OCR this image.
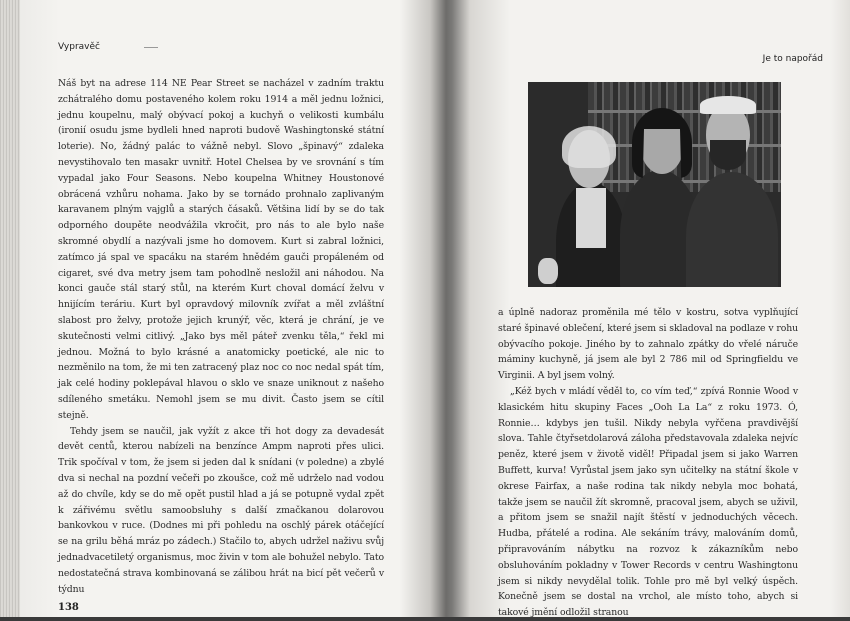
Vypravěč

Náš byt na adrese 114 NE Pear Street se nacházel v zadním traktu zchátralého domu postaveného kolem roku 1914 a měl jednu ložnici, jednu koupelnu, malý obývací pokoj a kuchyň o velikosti kumbálu (ironií osudu jsme bydleli hned naproti budově Washingtonské státní loterie). No, žádný palác to vážně nebyl. Slovo „špinavý“ zdaleka nevystihovalo ten masakr uvnitř. Hotel Chelsea by ve srovnání s tím vypadal jako Four Seasons. Nebo koupelna Whitney Houstonové obrácená vzhůru nohama. Jako by se tornádo prohnalo zaplivaným karavanem plným vajglů a starých čásaků. Většina lidí by se do tak odporného doupěte neodvážila vkročit, pro nás to ale bylo naše skromné obydlí a nazývali jsme ho domovem. Kurt si zabral ložnici, zatímco já spal ve spacáku na starém hnědém gauči propáleném od cigaret, své dva metry jsem tam pohodlně nesložil ani náhodou. Na konci gauče stál starý stůl, na kterém Kurt choval domácí želvu v hnijícím teráriu. Kurt byl opravdový milovník zvířat a měl zvláštní slabost pro želvy, protože jejich krunýř, věc, která je chrání, je ve skutečnosti velmi citlivý. „Jako bys měl páteř zvenku těla,“ řekl mi jednou. Možná to bylo krásné a anatomicky poetické, ale nic to nezměnilo na tom, že mi ten zatracený plaz noc co noc nedal spát tím, jak celé hodiny poklepával hlavou o sklo ve snaze uniknout z našeho sdíleného smetáku. Nemohl jsem se mu divit. Často jsem se cítil stejně.

Tehdy jsem se naučil, jak vyžít z akce tři hot dogy za devadesát devět centů, kterou nabízeli na benzínce Ampm naproti přes ulici. Trik spočíval v tom, že jsem si jeden dal k snídani (v poledne) a zbylé dva si nechal na pozdní večeři po zkoušce, což mě udrželo nad vodou až do chvíle, kdy se do mě opět pustil hlad a já se potupně vydal zpět k zářivému světlu samoobsluhy s další zmačkanou dolarovou bankovkou v ruce. (Dodnes mi při pohledu na oschlý párek otáčející se na grilu běhá mráz po zádech.) Stačilo to, abych udržel naživu svůj jednadvacetiletý organismus, moc živin v tom ale bohužel nebylo. Tato nedostatečná strava kombinovaná se zálibou hrát na bicí pět večerů v týdnu

138
Je to napořád

a úplně nadoraz proměnila mé tělo v kostru, sotva vyplňující staré špinavé oblečení, které jsem si skladoval na podlaze v rohu obývacího pokoje. Jiného by to zahnalo zpátky do vřelé náruče máminy kuchyně, já jsem ale byl 2 786 mil od Springfieldu ve Virginii. A byl jsem volný.

„Kéž bych v mládí věděl to, co vím teď,“ zpívá Ronnie Wood v klasickém hitu skupiny Faces „Ooh La La“ z roku 1973. Ó, Ronnie… kdybys jen tušil. Nikdy nebyla vyřčena pravdivější slova. Tahle čtyřsetdolarová záloha představovala zdaleka nejvíc peněz, které jsem v životě viděl! Připadal jsem si jako Warren Buffett, kurva! Vyrůstal jsem jako syn učitelky na státní škole v okrese Fairfax, a naše rodina tak nikdy nebyla moc bohatá, takže jsem se naučil žít skromně, pracoval jsem, abych se uživil, a přitom jsem se snažil najít štěstí v jednoduchých věcech. Hudba, přátelé a rodina. Ale sekáním trávy, malováním domů, připravováním nábytku na rozvoz k zákazníkům nebo obsluhováním pokladny v Tower Records v centru Washingtonu jsem si nikdy nevydělal tolik. Tohle pro mě byl velký úspěch. Konečně jsem se dostal na vrchol, ale místo toho, abych si takové jmění odložil stranou
